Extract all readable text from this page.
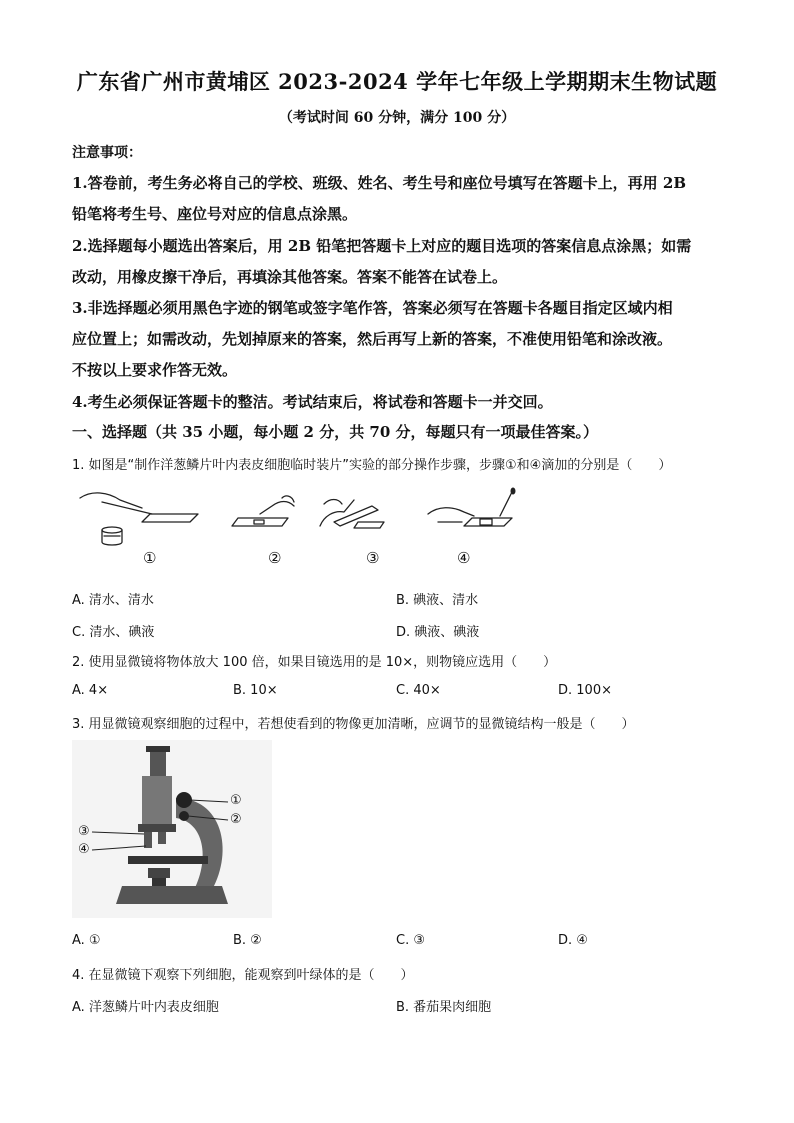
广东省广州市黄埔区 2023-2024 学年七年级上学期期末生物试题
（考试时间 60 分钟，满分 100 分）
注意事项：
1.答卷前，考生务必将自己的学校、班级、姓名、考生号和座位号填写在答题卡上，再用 2B
铅笔将考生号、座位号对应的信息点涂黑。
2.选择题每小题选出答案后，用 2B 铅笔把答题卡上对应的题目选项的答案信息点涂黑；如需
改动，用橡皮擦干净后，再填涂其他答案。答案不能答在试卷上。
3.非选择题必须用黑色字迹的钢笔或签字笔作答，答案必须写在答题卡各题目指定区域内相
应位置上；如需改动，先划掉原来的答案，然后再写上新的答案，不准使用铅笔和涂改液。
不按以上要求作答无效。
4.考生必须保证答题卡的整洁。考试结束后，将试卷和答题卡一并交回。
一、选择题（共 35 小题，每小题 2 分，共 70 分，每题只有一项最佳答案。）
1. 如图是“制作洋葱鳞片叶内表皮细胞临时装片”实验的部分操作步骤，步骤①和④滴加的分别是（　　）
①	②	③	④
A. 清水、清水	B. 碘液、清水
C. 清水、碘液	D. 碘液、碘液
2. 使用显微镜将物体放大 100 倍，如果目镜选用的是 10×，则物镜应选用（　　）
A. 4×	B. 10×	C. 40×	D. 100×
3. 用显微镜观察细胞的过程中，若想使看到的物像更加清晰，应调节的显微镜结构一般是（　　）
①
②
③
④
A. ①	B. ②	C. ③	D. ④
4. 在显微镜下观察下列细胞，能观察到叶绿体的是（　　）
A. 洋葱鳞片叶内表皮细胞	B. 番茄果肉细胞
